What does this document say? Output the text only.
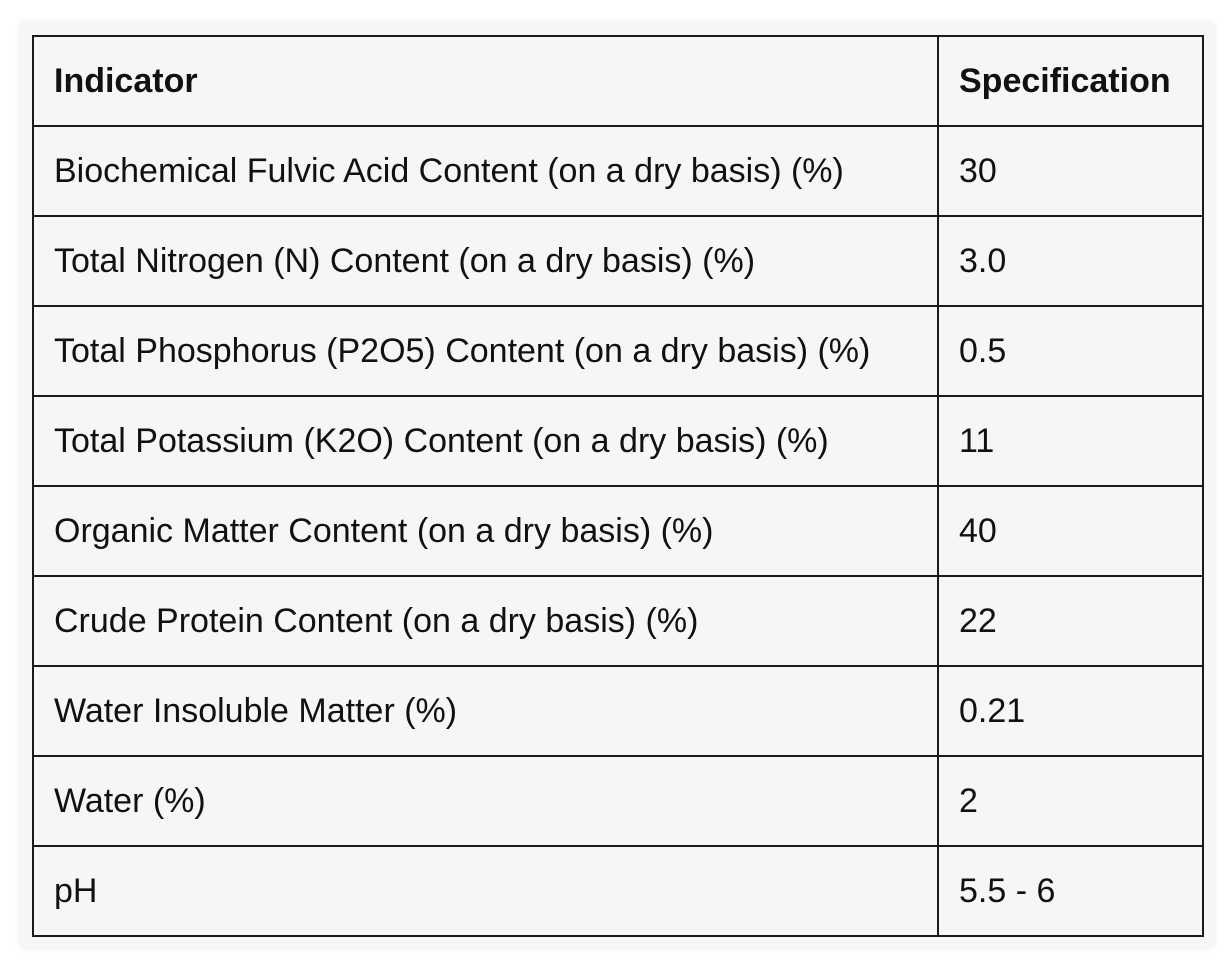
Indicator	Specification
Biochemical Fulvic Acid Content (on a dry basis) (%)	30
Total Nitrogen (N) Content (on a dry basis) (%)	3.0
Total Phosphorus (P2O5) Content (on a dry basis) (%)	0.5
Total Potassium (K2O) Content (on a dry basis) (%)	11
Organic Matter Content (on a dry basis) (%)	40
Crude Protein Content (on a dry basis) (%)	22
Water Insoluble Matter (%)	0.21
Water (%)	2
pH	5.5 - 6
